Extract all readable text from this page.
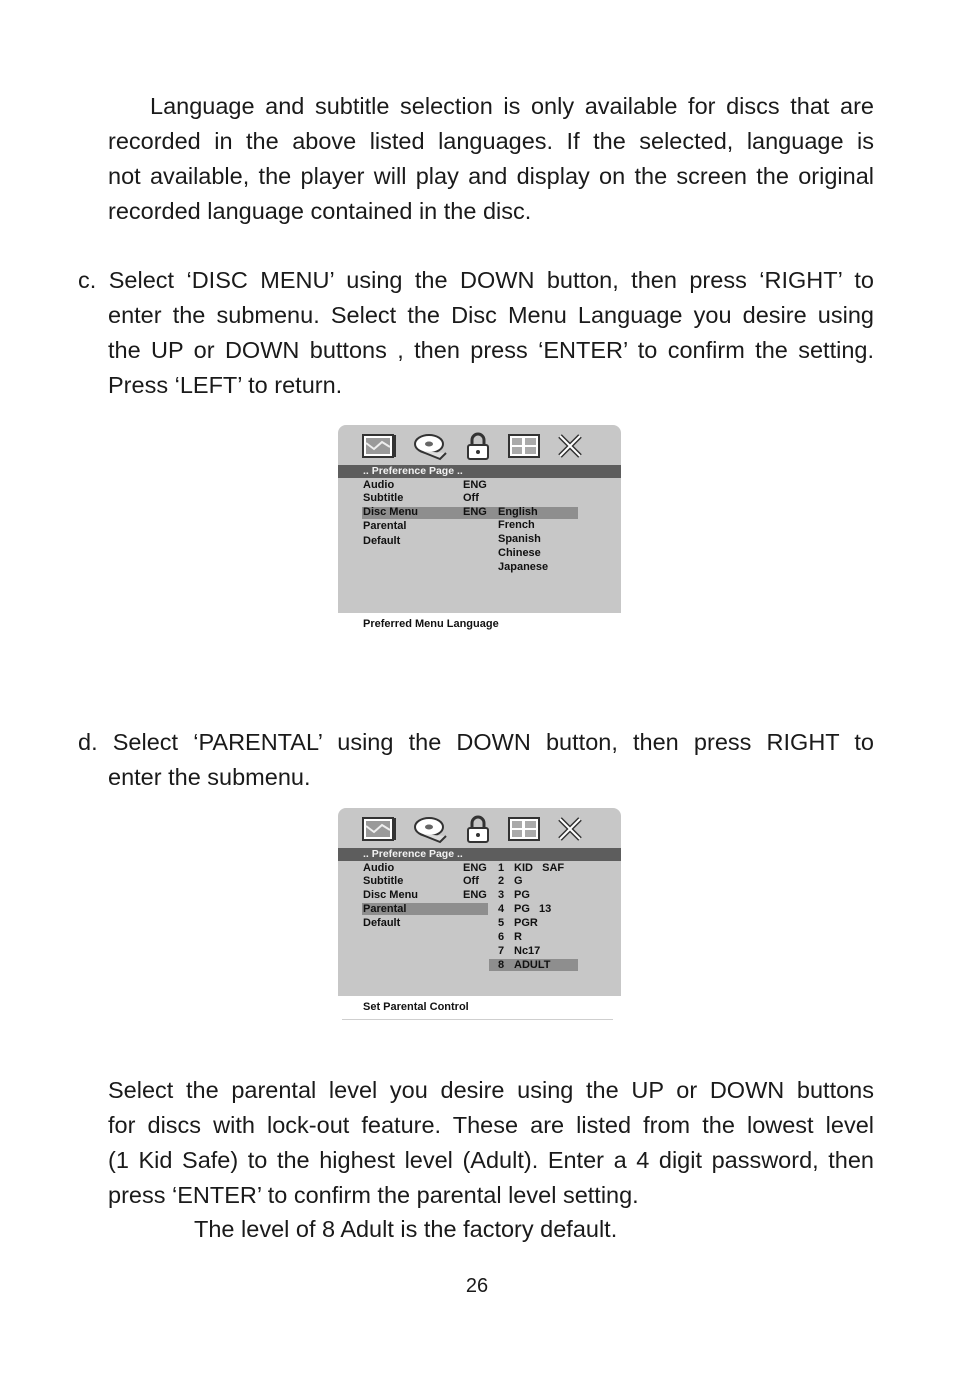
Language and subtitle selection is only available for discs that are
recorded in the above listed languages. If the selected, language is
not available, the player will play and display on the screen the original
recorded language contained in the disc.

c. Select ‘DISC MENU’ using the DOWN button, then press ‘RIGHT’ to
enter the submenu. Select the Disc Menu Language you desire using
the UP or DOWN buttons , then press ‘ENTER’ to confirm the setting.
Press ‘LEFT’ to return.

.. Preference Page ..
Audio
Subtitle
Disc Menu
Parental
Default
ENG
Off
ENG English
French
Spanish
Chinese
Japanese
Preferred Menu Language

d. Select ‘PARENTAL’ using the DOWN button, then press RIGHT to
enter the submenu.

.. Preference Page ..
Audio
Subtitle
Disc Menu
Parental
Default
ENG
Off
ENG
1 KID   SAF
2 G
3 PG
4 PG   13
5 PGR
6 R
7 Nc17
8 ADULT
Set Parental Control

Select the parental level you desire using the UP or DOWN buttons
for discs with lock-out feature. These are listed from the lowest level
(1 Kid Safe) to the highest level (Adult). Enter a 4 digit password, then
press ‘ENTER’ to confirm the parental level setting.

The level of 8 Adult is the factory default.

26
